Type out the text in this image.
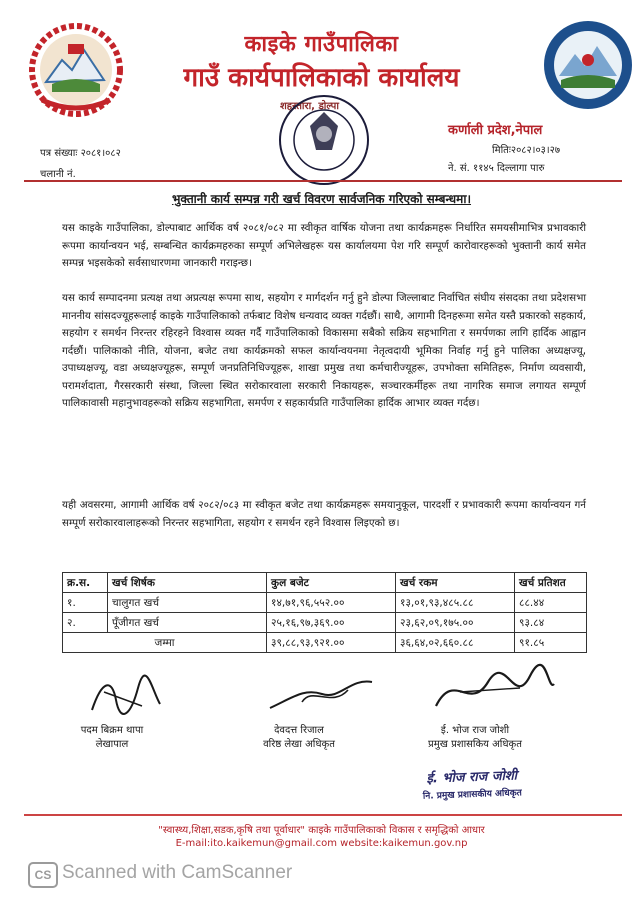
काइके गाउँपालिका
गाउँ कार्यपालिकाको कार्यालय
शहरतारा, डोल्पा
कर्णाली प्रदेश,नेपाल
मितिः२०८२।०३।२७
ने. सं. ११४५ दिल्लागा पारु
पत्र संख्याः २०८१।०८२
चलानी नं.
भुक्तानी कार्य सम्पन्न गरी खर्च विवरण सार्वजनिक गरिएको सम्बन्धमा।
यस काइके गाउँपालिका, डोल्पाबाट आर्थिक वर्ष २०८१/०८२ मा स्वीकृत वार्षिक योजना तथा कार्यक्रमहरू निर्धारित समयसीमाभित्र प्रभावकारी रूपमा कार्यान्वयन भई, सम्बन्धित कार्यक्रमहरुका सम्पूर्ण अभिलेखहरू यस कार्यालयमा पेश गरि सम्पूर्ण कारोवारहरूको भुक्तानी कार्य समेत सम्पन्न भइसकेको सर्वसाधारणमा जानकारी गराइन्छ।
यस कार्य सम्पादनमा प्रत्यक्ष तथा अप्रत्यक्ष रूपमा साथ, सहयोग र मार्गदर्शन गर्नु हुने डोल्पा जिल्लाबाट निर्वाचित संघीय संसदका तथा प्रदेशसभा माननीय सांसदज्यूहरूलाई काइके गाउँपालिकाको तर्फबाट विशेष धन्यवाद व्यक्त गर्दछौं। साथै, आगामी दिनहरूमा समेत यस्तै प्रकारको सहकार्य, सहयोग र समर्थन निरन्तर रहिरहने विश्वास व्यक्त गर्दै गाउँपालिकाको विकासमा सबैको सक्रिय सहभागिता र समर्पणका लागि हार्दिक आह्वान गर्दछौं। पालिकाको नीति, योजना, बजेट तथा कार्यक्रमको सफल कार्यान्वयनमा नेतृत्वदायी भूमिका निर्वाह गर्नु हुने पालिका अध्यक्षज्यू, उपाध्यक्षज्यू, वडा अध्यक्षज्यूहरू, सम्पूर्ण जनप्रतिनिधिज्यूहरू, शाखा प्रमुख तथा कर्मचारीज्यूहरू, उपभोक्ता समितिहरू, निर्माण व्यवसायी, परामर्शदाता, गैरसरकारी संस्था, जिल्ला स्थित सरोकारवाला सरकारी निकायहरू, सञ्चारकर्मीहरू तथा नागरिक समाज लगायत सम्पूर्ण पालिकावासी महानुभावहरूको सक्रिय सहभागिता, समर्पण र सहकार्यप्रति गाउँपालिका हार्दिक आभार व्यक्त गर्दछ।
यही अवसरमा, आगामी आर्थिक वर्ष २०८२/०८३ मा स्वीकृत बजेट तथा कार्यक्रमहरू समयानुकूल, पारदर्शी र प्रभावकारी रूपमा कार्यान्वयन गर्न सम्पूर्ण सरोकारवालाहरूको निरन्तर सहभागिता, सहयोग र समर्थन रहने विश्वास लिइएको छ।
क्र.स.	खर्च शिर्षक	कुल बजेट	खर्च रकम	खर्च प्रतिशत
१.	चालुगत खर्च	१४,७१,९६,५५२.००	१३,०१,९३,४८५.८८	८८.४४
२.	पूँजीगत खर्च	२५,१६,९७,३६९.००	२३,६२,०९,१७५.००	९३.८४
जम्मा		३९,८८,९३,९२१.००	३६,६४,०२,६६०.८८	९१.८५
पदम बिक्रम थापा
लेखापाल
देवदत्त रिजाल
वरिष्ठ लेखा अधिकृत
ई. भोज राज जोशी
प्रमुख प्रशासकिय अधिकृत
ई. भोज राज जोशी
नि. प्रमुख प्रशासकीय अधिकृत
"स्वास्थ्य,शिक्षा,सडक,कृषि तथा पूर्वाधार" काइके गाउँपालिकाको विकास र समृद्धिको आधार
E-mail:ito.kaikemun@gmail.com website:kaikemun.gov.np
CS Scanned with CamScanner
